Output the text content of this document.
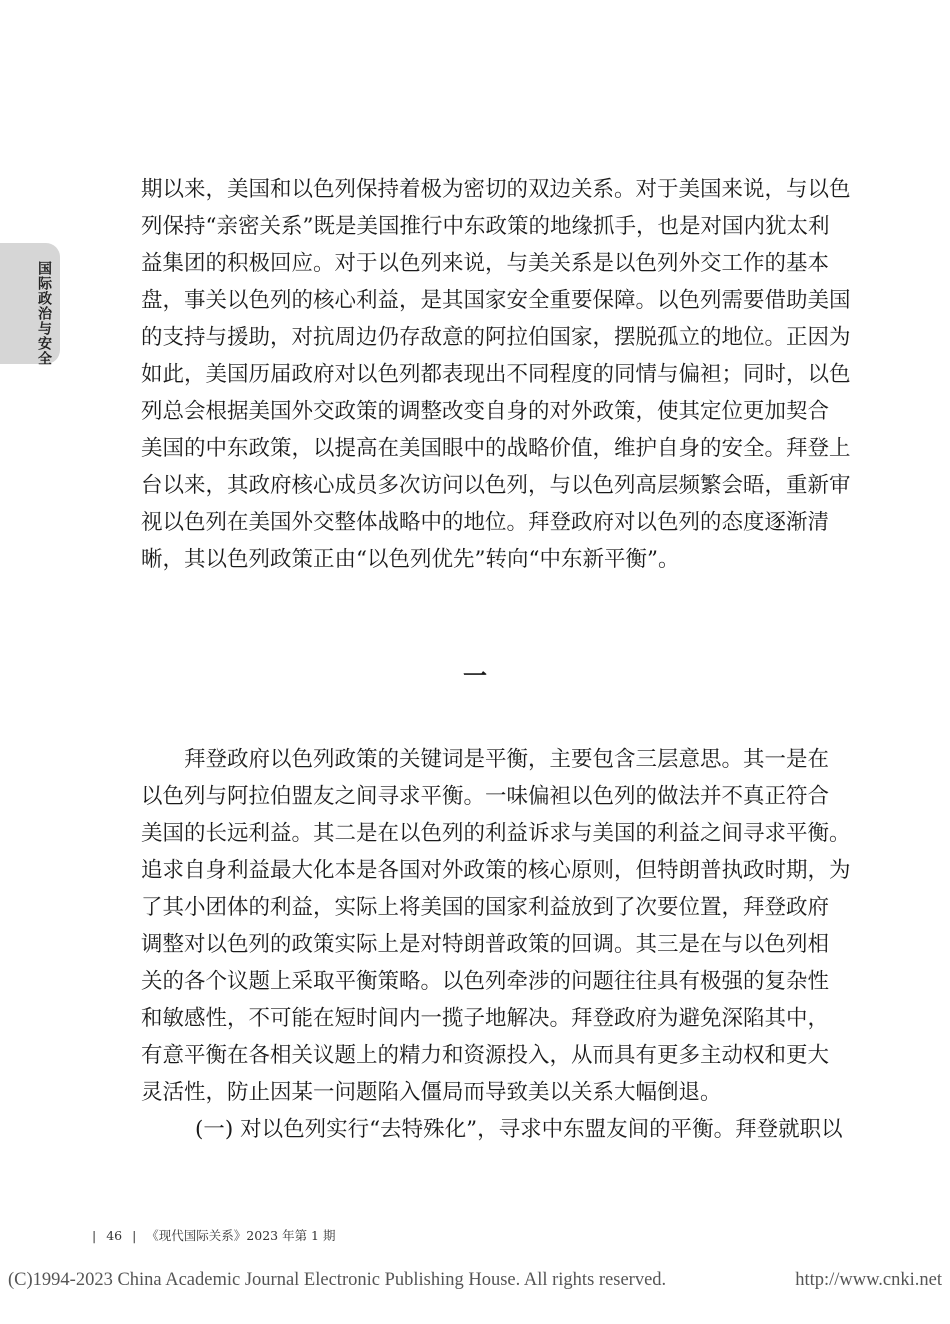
国际政治与安全
期以来，美国和以色列保持着极为密切的双边关系。对于美国来说，与以色
列保持“亲密关系”既是美国推行中东政策的地缘抓手，也是对国内犹太利
益集团的积极回应。对于以色列来说，与美关系是以色列外交工作的基本
盘，事关以色列的核心利益，是其国家安全重要保障。以色列需要借助美国
的支持与援助，对抗周边仍存敌意的阿拉伯国家，摆脱孤立的地位。正因为
如此，美国历届政府对以色列都表现出不同程度的同情与偏袒；同时，以色
列总会根据美国外交政策的调整改变自身的对外政策，使其定位更加契合
美国的中东政策，以提高在美国眼中的战略价值，维护自身的安全。拜登上
台以来，其政府核心成员多次访问以色列，与以色列高层频繁会晤，重新审
视以色列在美国外交整体战略中的地位。拜登政府对以色列的态度逐渐清
晰，其以色列政策正由“以色列优先”转向“中东新平衡”。
一
拜登政府以色列政策的关键词是平衡，主要包含三层意思。其一是在
以色列与阿拉伯盟友之间寻求平衡。一味偏袒以色列的做法并不真正符合
美国的长远利益。其二是在以色列的利益诉求与美国的利益之间寻求平衡。
追求自身利益最大化本是各国对外政策的核心原则，但特朗普执政时期，为
了其小团体的利益，实际上将美国的国家利益放到了次要位置，拜登政府
调整对以色列的政策实际上是对特朗普政策的回调。其三是在与以色列相
关的各个议题上采取平衡策略。以色列牵涉的问题往往具有极强的复杂性
和敏感性，不可能在短时间内一揽子地解决。拜登政府为避免深陷其中，
有意平衡在各相关议题上的精力和资源投入，从而具有更多主动权和更大
灵活性，防止因某一问题陷入僵局而导致美以关系大幅倒退。
(一) 对以色列实行“去特殊化”，寻求中东盟友间的平衡。拜登就职以
| 46 | 《现代国际关系》2023 年第 1 期
(C)1994-2023 China Academic Journal Electronic Publishing House. All rights reserved.	http://www.cnki.net
